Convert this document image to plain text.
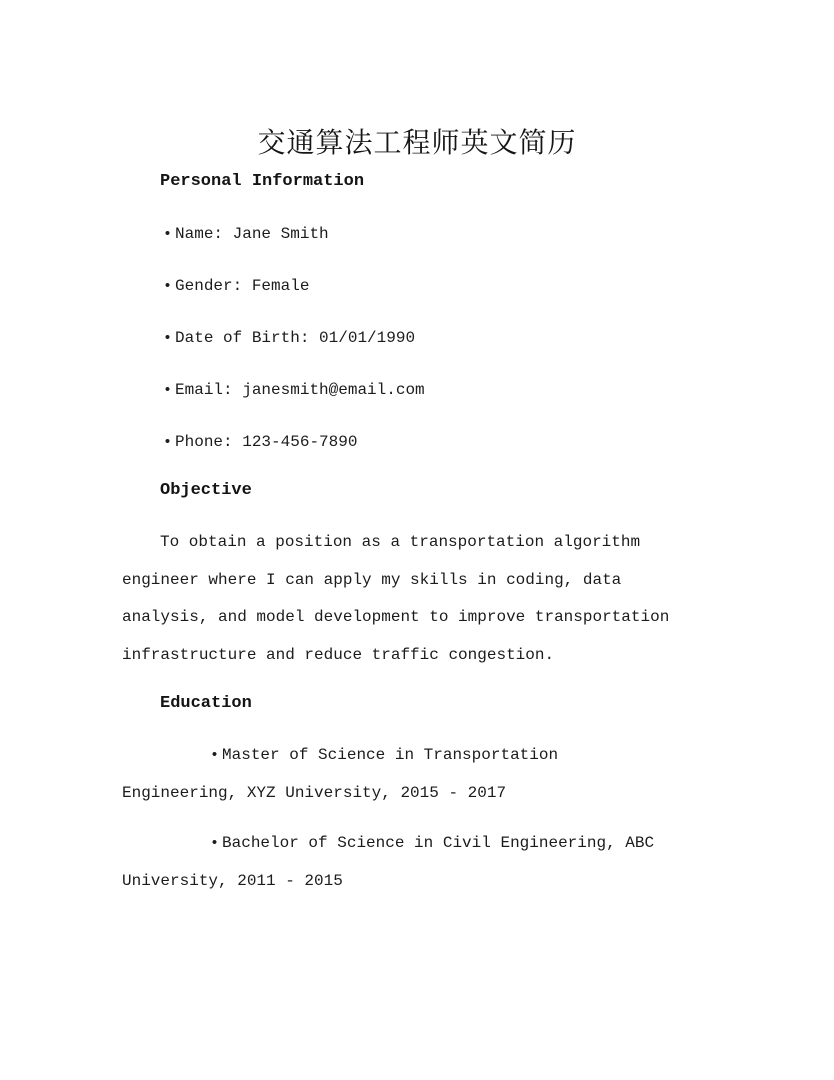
交通算法工程师英文简历
Personal Information
• Name: Jane Smith
• Gender: Female
• Date of Birth: 01/01/1990
• Email: janesmith@email.com
• Phone: 123-456-7890
Objective

To obtain a position as a transportation algorithm engineer where I can apply my skills in coding, data analysis, and model development to improve transportation infrastructure and reduce traffic congestion.

Education

• Master of Science in Transportation Engineering, XYZ University, 2015 - 2017

• Bachelor of Science in Civil Engineering, ABC University, 2011 - 2015
